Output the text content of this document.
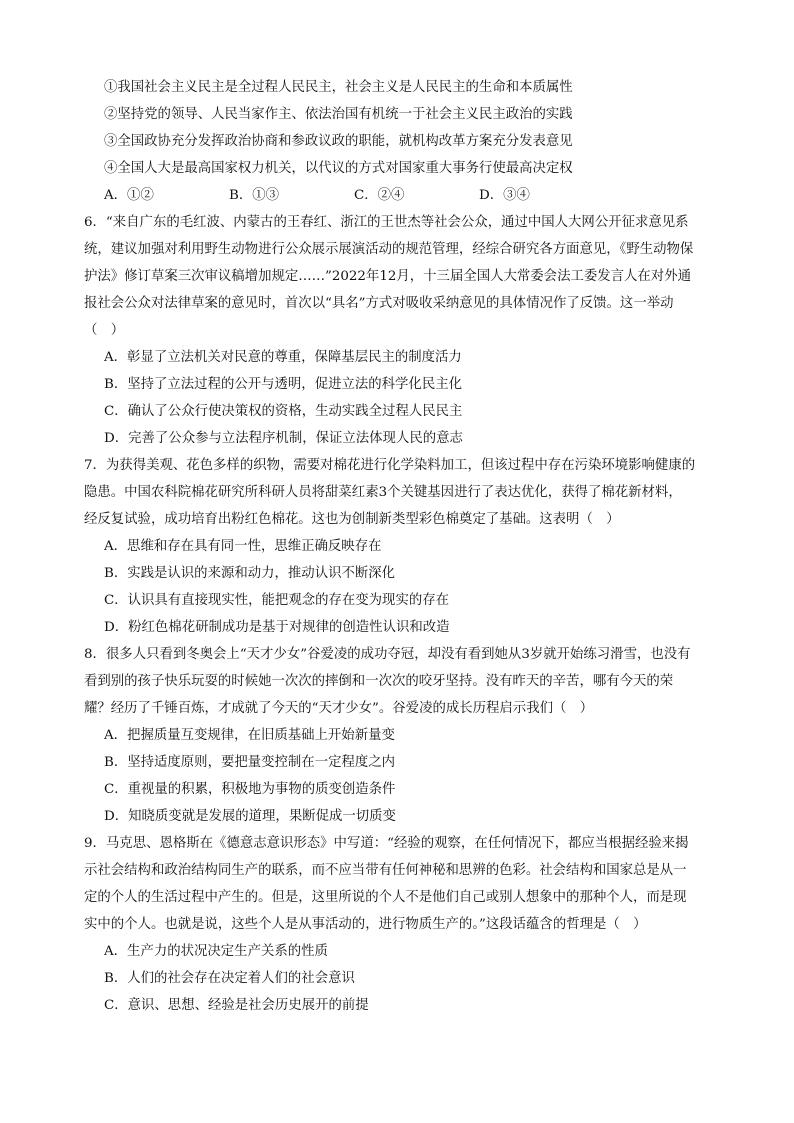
①我国社会主义民主是全过程人民民主，社会主义是人民民主的生命和本质属性
②坚持党的领导、人民当家作主、依法治国有机统一于社会主义民主政治的实践
③全国政协充分发挥政治协商和参政议政的职能，就机构改革方案充分发表意见
④全国人大是最高国家权力机关，以代议的方式对国家重大事务行使最高决定权
A．①②	B．①③	C．②④	D．③④
6．“来自广东的毛红波、内蒙古的王春红、浙江的王世杰等社会公众，通过中国人大网公开征求意见系
统，建议加强对利用野生动物进行公众展示展演活动的规范管理，经综合研究各方面意见，《野生动物保
护法》修订草案三次审议稿增加规定……”2022年12月，十三届全国人大常委会法工委发言人在对外通
报社会公众对法律草案的意见时，首次以“具名”方式对吸收采纳意见的具体情况作了反馈。这一举动
（　）
A．彰显了立法机关对民意的尊重，保障基层民主的制度活力
B．坚持了立法过程的公开与透明，促进立法的科学化民主化
C．确认了公众行使决策权的资格，生动实践全过程人民民主
D．完善了公众参与立法程序机制，保证立法体现人民的意志
7．为获得美观、花色多样的织物，需要对棉花进行化学染料加工，但该过程中存在污染环境影响健康的
隐患。中国农科院棉花研究所科研人员将甜菜红素3个关键基因进行了表达优化，获得了棉花新材料，
经反复试验，成功培育出粉红色棉花。这也为创制新类型彩色棉奠定了基础。这表明（　）
A．思维和存在具有同一性，思维正确反映存在
B．实践是认识的来源和动力，推动认识不断深化
C．认识具有直接现实性，能把观念的存在变为现实的存在
D．粉红色棉花研制成功是基于对规律的创造性认识和改造
8．很多人只看到冬奥会上“天才少女”谷爱凌的成功夺冠，却没有看到她从3岁就开始练习滑雪，也没有
看到别的孩子快乐玩耍的时候她一次次的摔倒和一次次的咬牙坚持。没有昨天的辛苦，哪有今天的荣
耀？经历了千锤百炼，才成就了今天的“天才少女”。谷爱凌的成长历程启示我们（　）
A．把握质量互变规律，在旧质基础上开始新量变
B．坚持适度原则，要把量变控制在一定程度之内
C．重视量的积累，积极地为事物的质变创造条件
D．知晓质变就是发展的道理，果断促成一切质变
9．马克思、恩格斯在《德意志意识形态》中写道：“经验的观察，在任何情况下，都应当根据经验来揭
示社会结构和政治结构同生产的联系，而不应当带有任何神秘和思辨的色彩。社会结构和国家总是从一
定的个人的生活过程中产生的。但是，这里所说的个人不是他们自己或别人想象中的那种个人，而是现
实中的个人。也就是说，这些个人是从事活动的，进行物质生产的。”这段话蕴含的哲理是（　）
A．生产力的状况决定生产关系的性质
B．人们的社会存在决定着人们的社会意识
C．意识、思想、经验是社会历史展开的前提
